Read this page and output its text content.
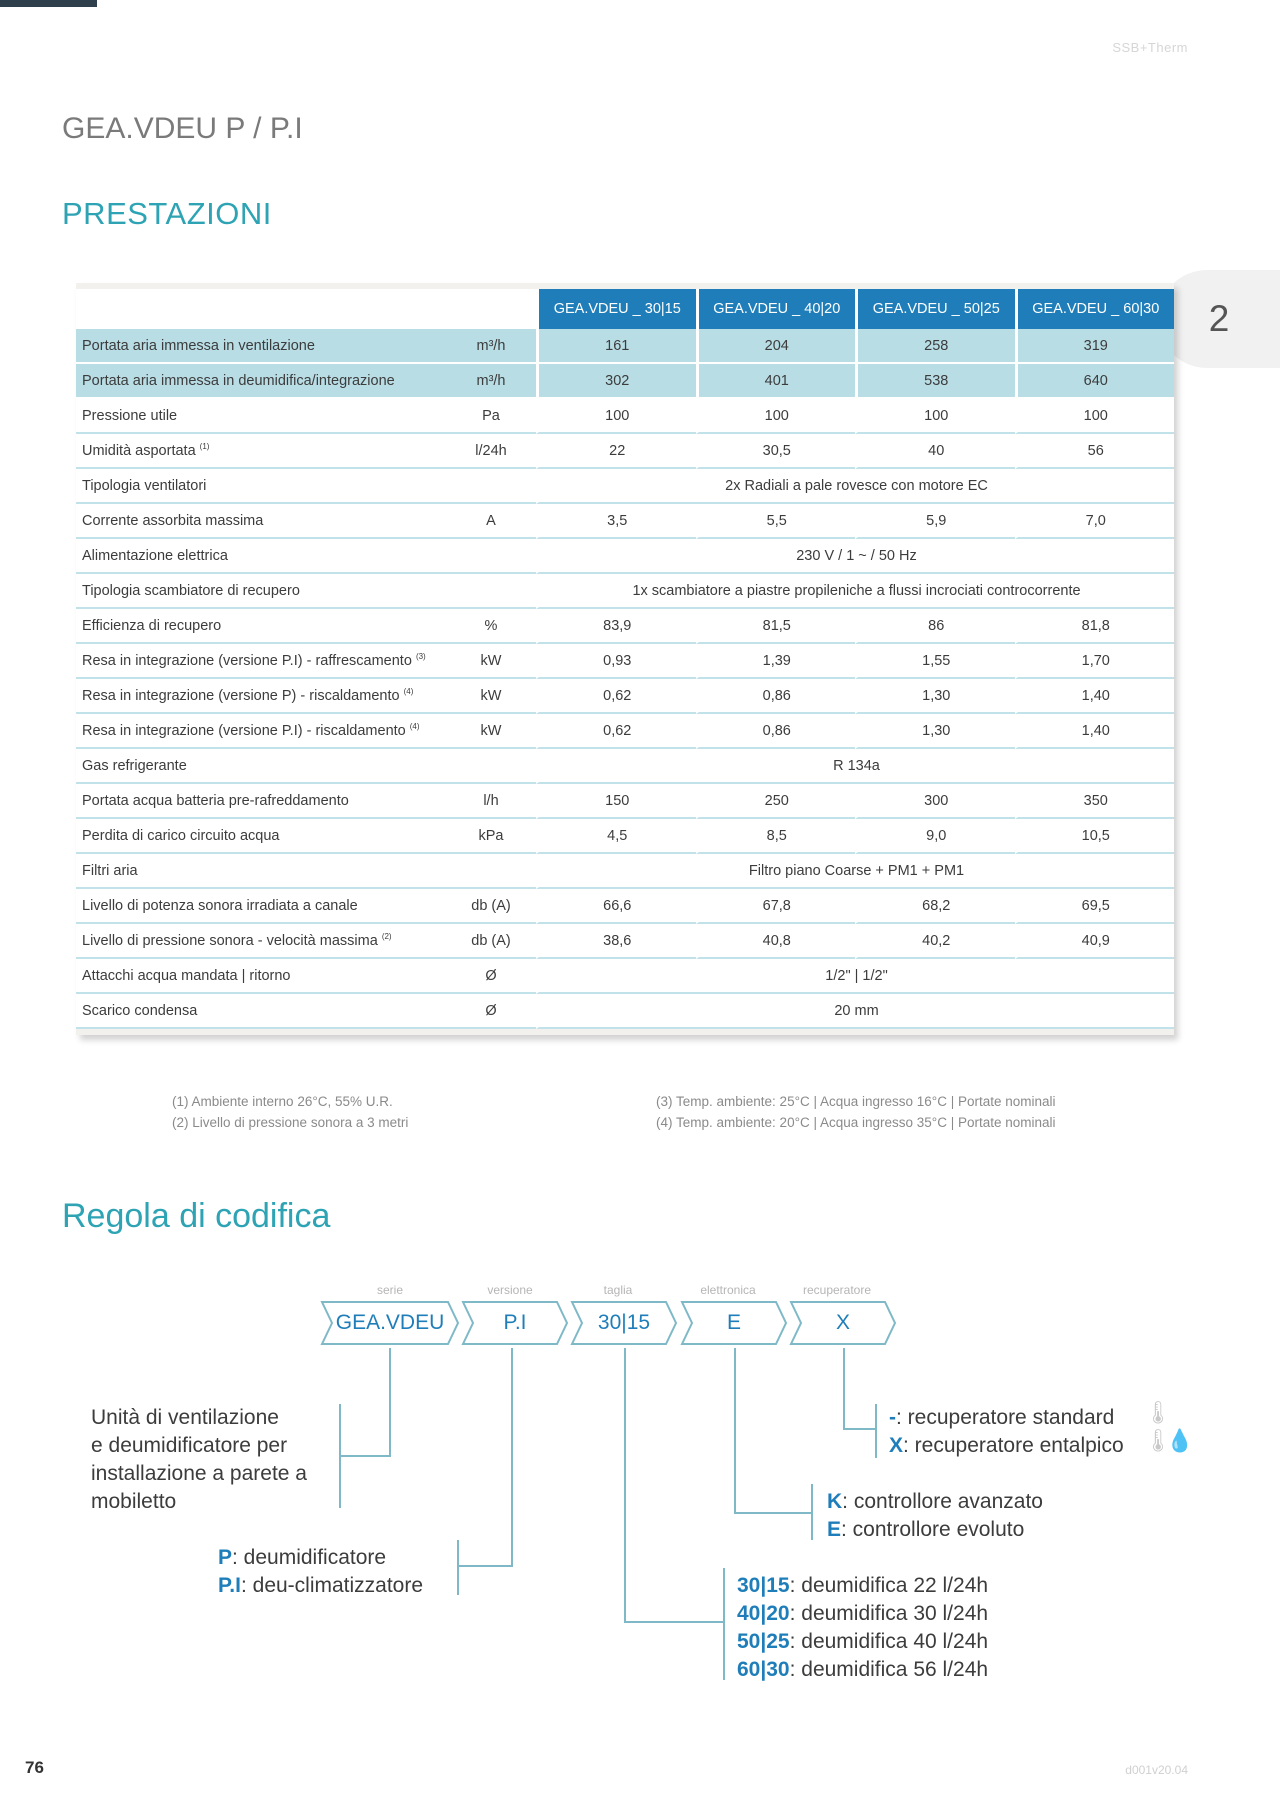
SSB+Therm
GEA.VDEU P / P.I
PRESTAZIONI
2
		GEA.VDEU _ 30|15	GEA.VDEU _ 40|20	GEA.VDEU _ 50|25	GEA.VDEU _ 60|30
Portata aria immessa in ventilazione	m³/h	161	204	258	319
Portata aria immessa in deumidifica/integrazione	m³/h	302	401	538	640
Pressione utile	Pa	100	100	100	100
Umidità asportata $^{(1)}$	l/24h	22	30,5	40	56
Tipologia ventilatori		2x Radiali a pale rovesce con motore EC			
Corrente assorbita massima	A	3,5	5,5	5,9	7,0
Alimentazione elettrica		230 V / 1 ~ / 50 Hz			
Tipologia scambiatore di recupero		1x scambiatore a piastre propileniche a flussi incrociati controcorrente			
Efficienza di recupero	%	83,9	81,5	86	81,8
Resa in integrazione (versione P.I) - raffrescamento $^{(3)}$	kW	0,93	1,39	1,55	1,70
Resa in integrazione (versione P) - riscaldamento $^{(4)}$	kW	0,62	0,86	1,30	1,40
Resa in integrazione (versione P.I) - riscaldamento $^{(4)}$	kW	0,62	0,86	1,30	1,40
Gas refrigerante		R 134a			
Portata acqua batteria pre-rafreddamento	l/h	150	250	300	350
Perdita di carico circuito acqua	kPa	4,5	8,5	9,0	10,5
Filtri aria		Filtro piano Coarse + PM1 + PM1			
Livello di potenza sonora irradiata a canale	db (A)	66,6	67,8	68,2	69,5
Livello di pressione sonora - velocità massima $^{(2)}$	db (A)	38,6	40,8	40,2	40,9
Attacchi acqua mandata | ritorno	Ø	1/2" | 1/2"			
Scarico condensa	Ø	20 mm			
(1) Ambiente interno 26°C, 55% U.R.
(2) Livello di pressione sonora a 3 metri
(3) Temp. ambiente: 25°C | Acqua ingresso 16°C | Portate nominali
(4) Temp. ambiente: 20°C | Acqua ingresso 35°C | Portate nominali
Regola di codifica
serie	versione	taglia	elettronica	recuperatore
GEA.VDEU	P.I	30|15	E	X
Unità di ventilazione
e deumidificatore per
installazione a parete a
mobiletto
P: deumidificatore
P.I: deu-climatizzatore	30|15: deumidifica 22 l/24h
40|20: deumidifica 30 l/24h
50|25: deumidifica 40 l/24h
60|30: deumidifica 56 l/24h
K: controllore avanzato
E: controllore evoluto
-: recuperatore standard
X: recuperatore entalpico
🌡
🌡
💧
76	d001v20.04
